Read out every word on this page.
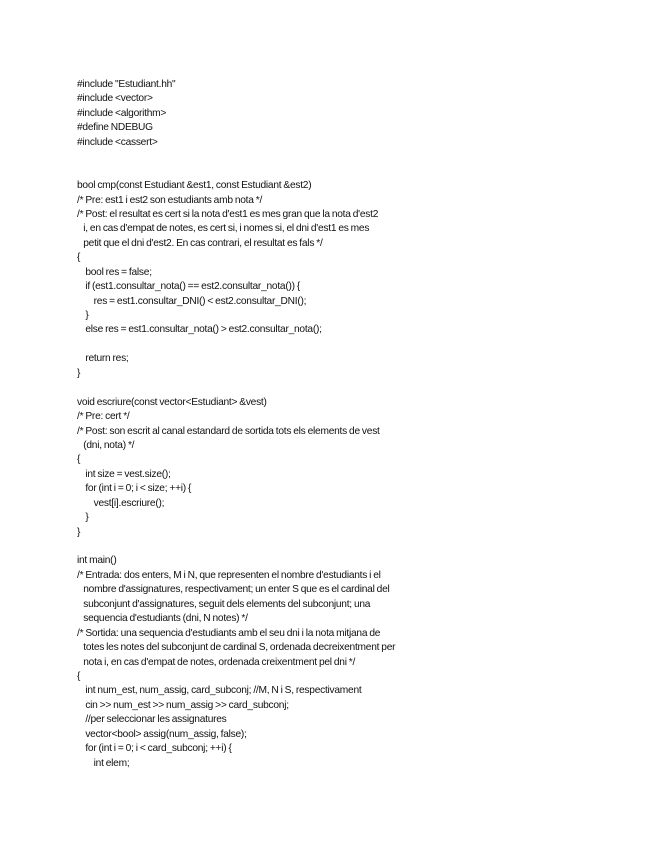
#include "Estudiant.hh"
#include <vector>
#include <algorithm>
#define NDEBUG
#include <cassert>
bool cmp(const Estudiant &est1, const Estudiant &est2)
/* Pre: est1 i est2 son estudiants amb nota */
/* Post: el resultat es cert si la nota d'est1 es mes gran que la nota d'est2
i, en cas d'empat de notes, es cert si, i nomes si, el dni d'est1 es mes
petit que el dni d'est2. En cas contrari, el resultat es fals */
{
bool res = false;
if (est1.consultar_nota() == est2.consultar_nota()) {
res = est1.consultar_DNI() < est2.consultar_DNI();
}
else res = est1.consultar_nota() > est2.consultar_nota();
return res;
}
void escriure(const vector<Estudiant> &vest)
/* Pre: cert */
/* Post: son escrit al canal estandard de sortida tots els elements de vest
(dni, nota) */
{
int size = vest.size();
for (int i = 0; i < size; ++i) {
vest[i].escriure();
}
}
int main()
/* Entrada: dos enters, M i N, que representen el nombre d'estudiants i el
nombre d'assignatures, respectivament; un enter S que es el cardinal del
subconjunt d'assignatures, seguit dels elements del subconjunt; una
sequencia d'estudiants (dni, N notes) */
/* Sortida: una sequencia d'estudiants amb el seu dni i la nota mitjana de
totes les notes del subconjunt de cardinal S, ordenada decreixentment per
nota i, en cas d'empat de notes, ordenada creixentment pel dni */
{
int num_est, num_assig, card_subconj; //M, N i S, respectivament
cin >> num_est >> num_assig >> card_subconj;
//per seleccionar les assignatures
vector<bool> assig(num_assig, false);
for (int i = 0; i < card_subconj; ++i) {
int elem;
